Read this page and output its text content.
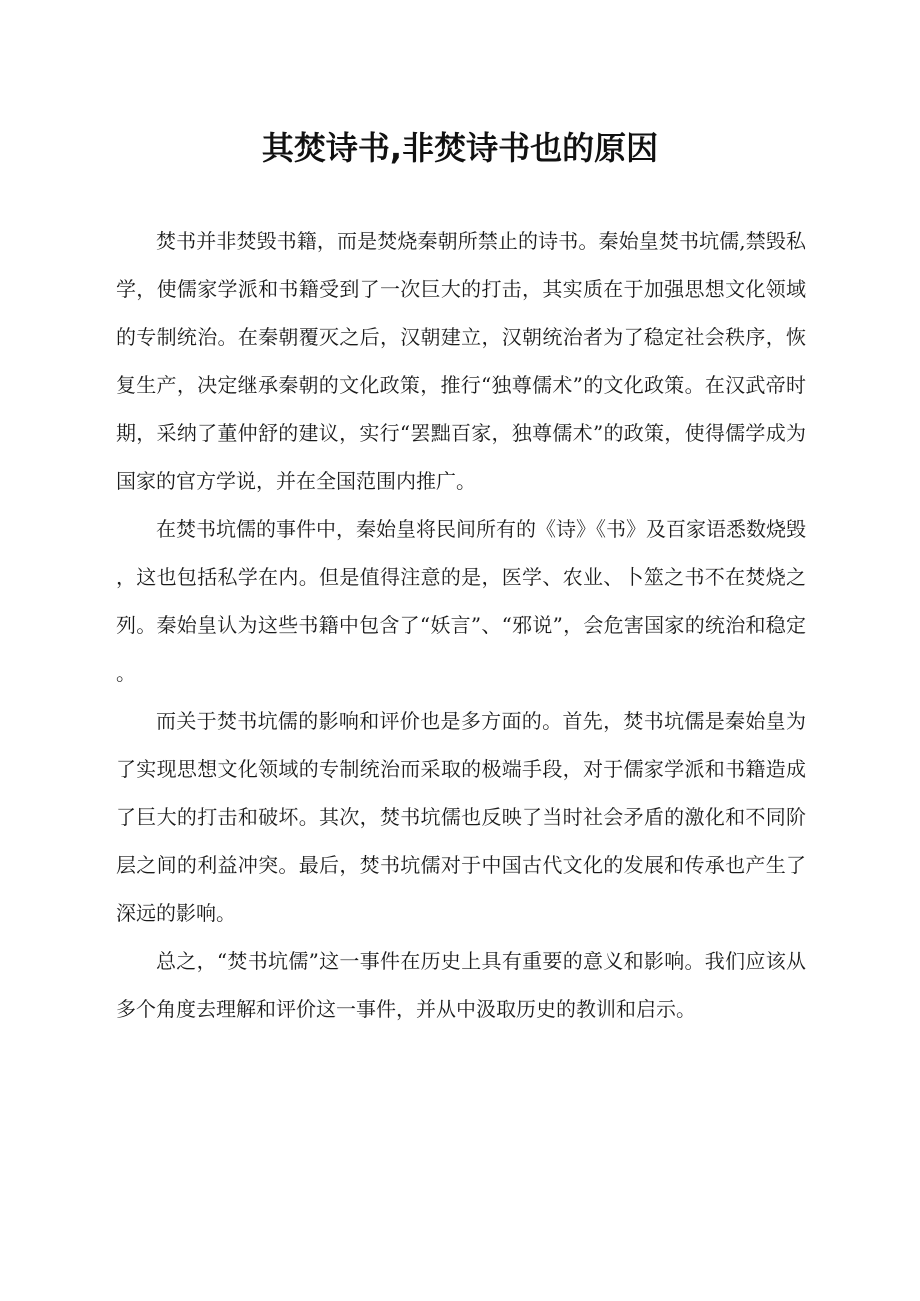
其焚诗书,非焚诗书也的原因

焚书并非焚毁书籍，而是焚烧秦朝所禁止的诗书。秦始皇焚书坑儒,禁毁私学，使儒家学派和书籍受到了一次巨大的打击，其实质在于加强思想文化领域的专制统治。在秦朝覆灭之后，汉朝建立，汉朝统治者为了稳定社会秩序，恢复生产，决定继承秦朝的文化政策，推行“独尊儒术”的文化政策。在汉武帝时期，采纳了董仲舒的建议，实行“罢黜百家，独尊儒术”的政策，使得儒学成为国家的官方学说，并在全国范围内推广。

在焚书坑儒的事件中，秦始皇将民间所有的《诗》《书》及百家语悉数烧毁，这也包括私学在内。但是值得注意的是，医学、农业、卜筮之书不在焚烧之列。秦始皇认为这些书籍中包含了“妖言”、“邪说”，会危害国家的统治和稳定。

而关于焚书坑儒的影响和评价也是多方面的。首先，焚书坑儒是秦始皇为了实现思想文化领域的专制统治而采取的极端手段，对于儒家学派和书籍造成了巨大的打击和破坏。其次，焚书坑儒也反映了当时社会矛盾的激化和不同阶层之间的利益冲突。最后，焚书坑儒对于中国古代文化的发展和传承也产生了深远的影响。

总之，“焚书坑儒”这一事件在历史上具有重要的意义和影响。我们应该从多个角度去理解和评价这一事件，并从中汲取历史的教训和启示。
